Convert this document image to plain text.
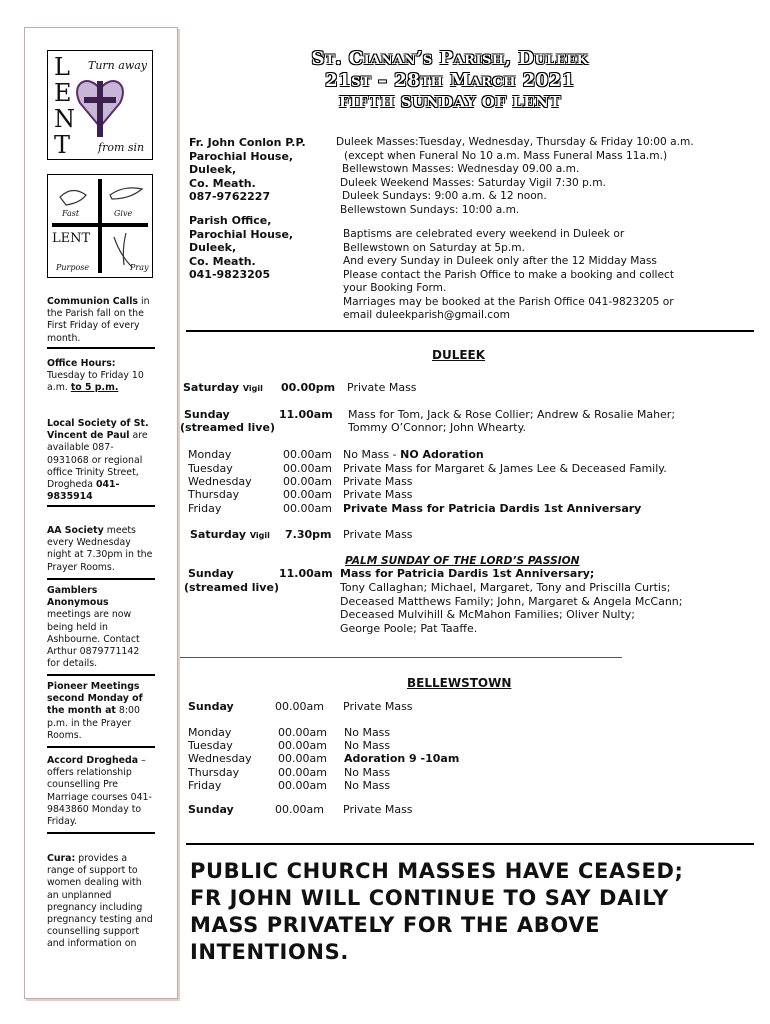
L
E
N
T
Turn away
from sin
Fast	Give
LENT
Purpose	Pray
Communion Calls in the Parish fall on the First Friday of every month.
Office Hours: Tuesday to Friday 10 a.m. to 5 p.m.
Local Society of St. Vincent de Paul are available 087-0931068 or regional office Trinity Street, Drogheda 041-9835914
AA Society meets every Wednesday night at 7.30pm in the Prayer Rooms.
Gamblers Anonymous meetings are now being held in Ashbourne. Contact Arthur 0879771142 for details.
Pioneer Meetings second Monday of the month at 8:00 p.m. in the Prayer Rooms.
Accord Drogheda – offers relationship counselling Pre Marriage courses 041-9843860 Monday to Friday.
Cura: provides a range of support to women dealing with an unplanned pregnancy including pregnancy testing and counselling support and information on
St. Cianan’s Parish, Duleek
21st – 28th March 2021
FIFTH SUNDAY OF LENT
Fr. John Conlon P.P.
Parochial House,
Duleek,
Co. Meath.
087-9762227
Parish Office,
Parochial House,
Duleek,
Co. Meath.
041-9823205
Duleek Masses:Tuesday, Wednesday, Thursday & Friday 10:00 a.m.
(except when Funeral No 10 a.m. Mass Funeral Mass 11a.m.)
Bellewstown Masses: Wednesday 09.00 a.m.
Duleek Weekend Masses: Saturday Vigil 7:30 p.m.
Duleek Sundays: 9:00 a.m. & 12 noon.
Bellewstown Sundays: 10:00 a.m.
Baptisms are celebrated every weekend in Duleek or
Bellewstown on Saturday at 5p.m.
And every Sunday in Duleek only after the 12 Midday Mass
Please contact the Parish Office to make a booking and collect
your Booking Form.
Marriages may be booked at the Parish Office 041-9823205 or
email duleekparish@gmail.com
DULEEK
Saturday Vigil 00.00pm Private Mass
Sunday
(streamed live)
11.00am Mass for Tom, Jack & Rose Collier; Andrew & Rosalie Maher;
Tommy O’Connor; John Whearty.
Monday	00.00am No Mass - NO Adoration
Tuesday	00.00am Private Mass for Margaret & James Lee & Deceased Family.
Wednesday	00.00am Private Mass
Thursday	00.00am Private Mass
Friday	00.00am Private Mass for Patricia Dardis 1st Anniversary
Saturday Vigil 7.30pm Private Mass
PALM SUNDAY OF THE LORD’S PASSION
Sunday
(streamed live)
11.00am Mass for Patricia Dardis 1st Anniversary;
Tony Callaghan; Michael, Margaret, Tony and Priscilla Curtis;
Deceased Matthews Family; John, Margaret & Angela McCann;
Deceased Mulvihill & McMahon Families; Oliver Nulty;
George Poole; Pat Taaffe.
BELLEWSTOWN
Sunday	00.00am Private Mass
Monday	00.00am No Mass
Tuesday	00.00am No Mass
Wednesday 00.00am Adoration 9 -10am
Thursday	00.00am No Mass
Friday	00.00am No Mass
Sunday	00.00am Private Mass
PUBLIC CHURCH MASSES HAVE CEASED;
FR JOHN WILL CONTINUE TO SAY DAILY
MASS PRIVATELY FOR THE ABOVE
INTENTIONS.
